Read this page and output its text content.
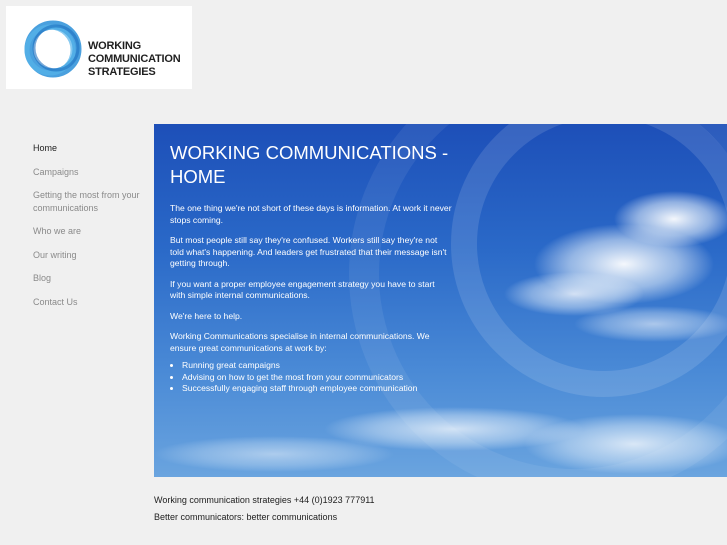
WORKING
COMMUNICATION
STRATEGIES
Home
Campaigns
Getting the most from your communications
Who we are
Our writing
Blog
Contact Us
WORKING COMMUNICATIONS - HOME

The one thing we're not short of these days is information. At work it never stops coming.

But most people still say they're confused. Workers still say they're not told what's happening. And leaders get frustrated that their message isn't getting through.

If you want a proper employee engagement strategy you have to start with simple internal communications.

We're here to help.

Working Communications specialise in internal communications. We ensure great communications at work by:

• Running great campaigns
• Advising on how to get the most from your communicators
• Successfully engaging staff through employee communication
Working communication strategies +44 (0)1923 777911
Better communicators: better communications
